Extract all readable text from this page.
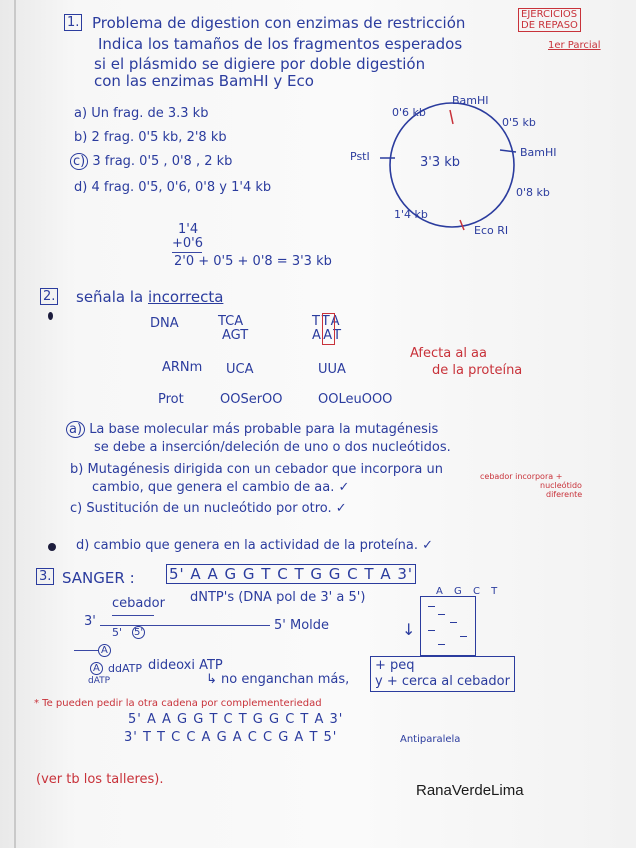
EJERCICIOS
DE REPASO
1er Parcial
1. Problema de digestion con enzimas de restricción
Indica los tamaños de los fragmentos esperados
si el plásmido se digiere por doble digestión
con las enzimas BamHI y Eco
a) Un frag. de 3.3 kb
b) 2 frag. 0'5 kb, 2'8 kb
c) 3 frag. 0'5 , 0'8 , 2 kb
d) 4 frag. 0'5, 0'6, 0'8 y 1'4 kb
1'4
+0'6
2'0 + 0'5 + 0'8 = 3'3 kb
3'3 kb
BamHI
0'6 kb
0'5 kb
PstI	BamHI
0'8 kb
1'4 kb
Eco RI
2. señala la incorrecta
DNA	TCA
AGT
TTA
AAT
ARNm UCA	UUA
Afecta al aa
de la proteína
Prot	OOSerOO	OOLeuOOO
a) La base molecular más probable para la mutagénesis
se debe a inserción/deleción de uno o dos nucleótidos.
b) Mutagénesis dirigida con un cebador que incorpora un
cambio, que genera el cambio de aa. ✓
cebador incorpora +
nucleótido
diferente
c) Sustitución de un nucleótido por otro. ✓
d) cambio que genera en la actividad de la proteína. ✓
3. SANGER : 5' A A G G T C T G G C T A 3'
cebador dNTP's (DNA pol de 3' a 5')
3'	5' Molde
5' 5'
A G C T
↓
A
A ddATP dideoxi ATP
dATP	↳ no enganchan más,
+ peq
y + cerca al cebador
* Te pueden pedir la otra cadena por complementeriedad
5' A A G G T C T G G C T A 3'
3' T T C C A G A C C G A T 5'	Antiparalela
(ver tb los talleres).
RanaVerdeLima
